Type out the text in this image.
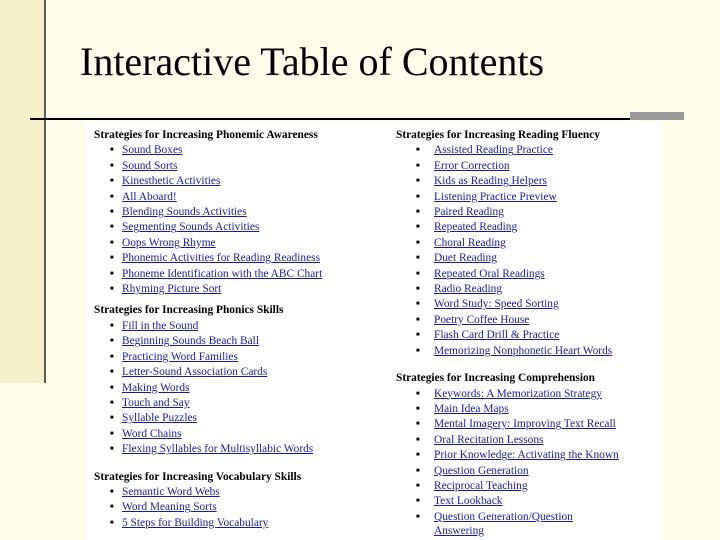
Interactive Table of Contents
Strategies for Increasing Phonemic Awareness
■ Sound Boxes
■ Sound Sorts
■ Kinesthetic Activities
■ All Aboard!
■ Blending Sounds Activities
■ Segmenting Sounds Activities
■ Oops Wrong Rhyme
■ Phonemic Activities for Reading Readiness
■ Phoneme Identification with the ABC Chart
■ Rhyming Picture Sort
Strategies for Increasing Phonics Skills
■ Fill in the Sound
■ Beginning Sounds Beach Ball
■ Practicing Word Families
■ Letter-Sound Association Cards
■ Making Words
■ Touch and Say
■ Syllable Puzzles
■ Word Chains
■ Flexing Syllables for Multisyllabic Words
Strategies for Increasing Vocabulary Skills
■ Semantic Word Webs
■ Word Meaning Sorts
■ 5 Steps for Building Vocabulary
Strategies for Increasing Reading Fluency
■ Assisted Reading Practice
■ Error Correction
■ Kids as Reading Helpers
■ Listening Practice Preview
■ Paired Reading
■ Repeated Reading
■ Choral Reading
■ Duet Reading
■ Repeated Oral Readings
■ Radio Reading
■ Word Study: Speed Sorting
■ Poetry Coffee House
■ Flash Card Drill & Practice
■ Memorizing Nonphonetic Heart Words
Strategies for Increasing Comprehension
■ Keywords: A Memorization Strategy
■ Main Idea Maps
■ Mental Imagery: Improving Text Recall
■ Oral Recitation Lessons
■ Prior Knowledge: Activating the Known
■ Question Generation
■ Reciprocal Teaching
■ Text Lookback
■ Question Generation/Question Answering
